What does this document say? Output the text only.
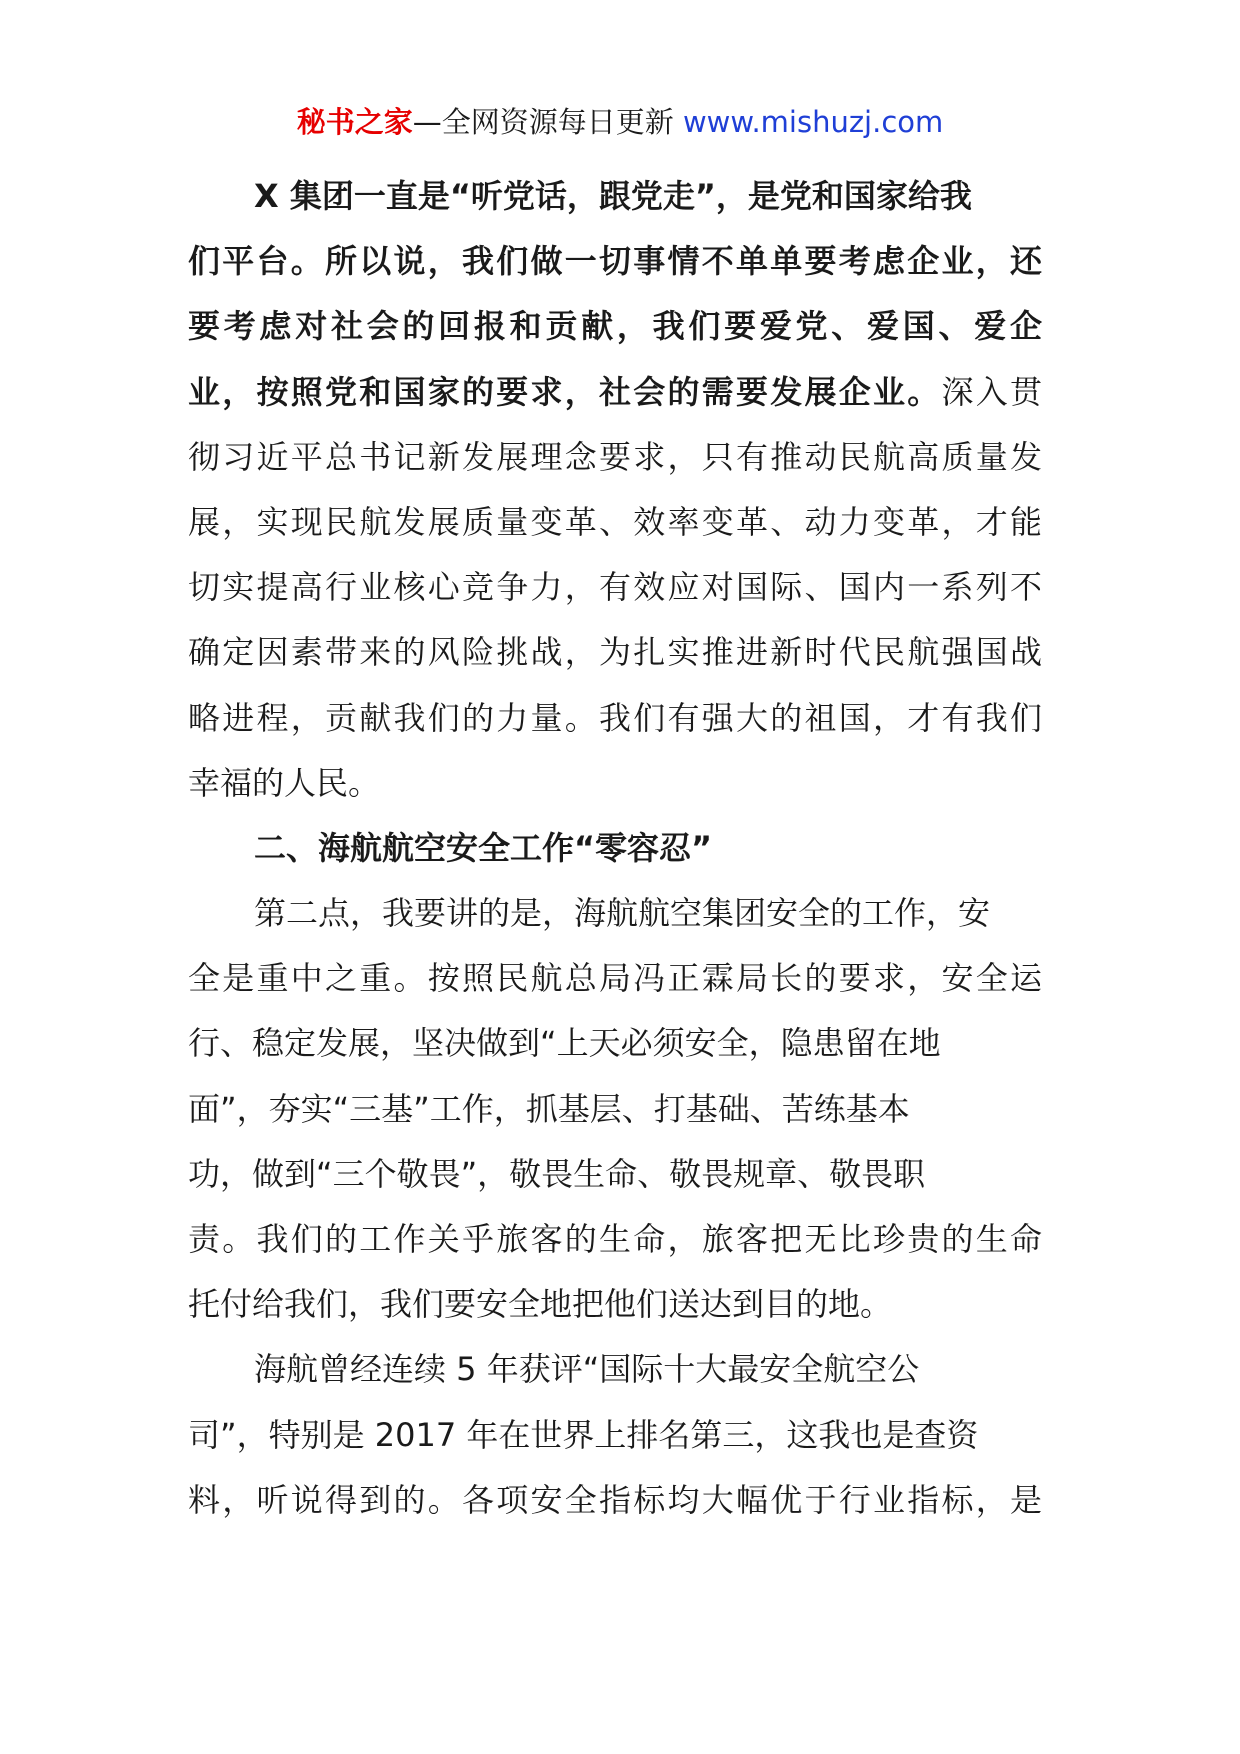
秘书之家—全网资源每日更新 www.mishuzj.com
X 集团一直是“听党话，跟党走”，是党和国家给我
们平台。所以说，我们做一切事情不单单要考虑企业，还
要考虑对社会的回报和贡献，我们要爱党、爱国、爱企
业，按照党和国家的要求，社会的需要发展企业。深入贯
彻习近平总书记新发展理念要求，只有推动民航高质量发
展，实现民航发展质量变革、效率变革、动力变革，才能
切实提高行业核心竞争力，有效应对国际、国内一系列不
确定因素带来的风险挑战，为扎实推进新时代民航强国战
略进程，贡献我们的力量。我们有强大的祖国，才有我们
幸福的人民。
二、海航航空安全工作“零容忍”
第二点，我要讲的是，海航航空集团安全的工作，安
全是重中之重。按照民航总局冯正霖局长的要求，安全运
行、稳定发展，坚决做到“上天必须安全，隐患留在地
面”，夯实“三基”工作，抓基层、打基础、苦练基本
功，做到“三个敬畏”，敬畏生命、敬畏规章、敬畏职
责。我们的工作关乎旅客的生命，旅客把无比珍贵的生命
托付给我们，我们要安全地把他们送达到目的地。
海航曾经连续 5 年获评“国际十大最安全航空公
司”，特别是 2017 年在世界上排名第三，这我也是查资
料，听说得到的。各项安全指标均大幅优于行业指标，是
